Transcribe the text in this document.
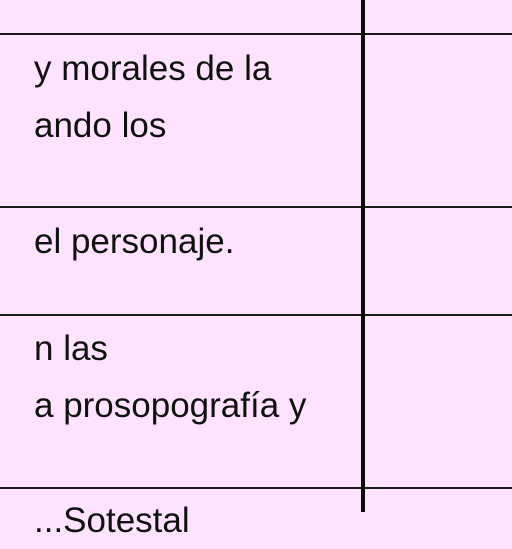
y morales de la
ando los
el personaje.
n las
a prosopografía y
...Sotestal
